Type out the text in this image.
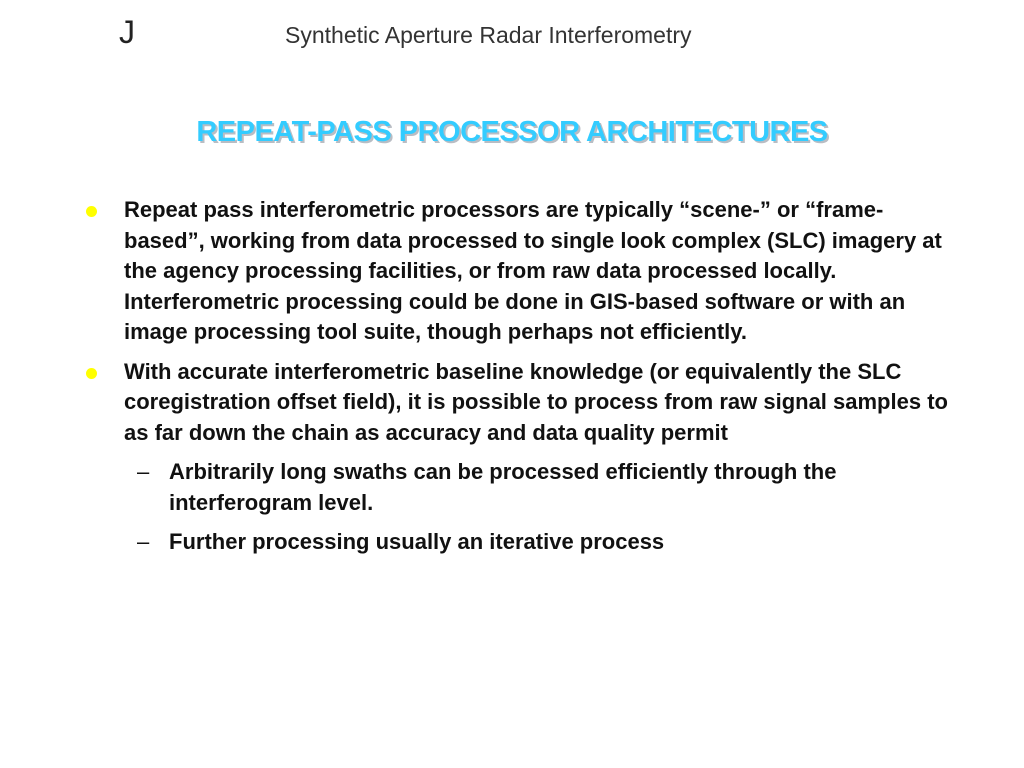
J	Synthetic Aperture Radar Interferometry
REPEAT-PASS PROCESSOR ARCHITECTURES
Repeat pass interferometric processors are typically “scene-” or “frame-based”, working from data processed to single look complex (SLC) imagery at the agency processing facilities, or from raw data processed locally. Interferometric processing could be done in GIS-based software or with an image processing tool suite, though perhaps not efficiently.
With accurate interferometric baseline knowledge (or equivalently the SLC coregistration offset field), it is possible to process from raw signal samples to as far down the chain as accuracy and data quality permit
– Arbitrarily long swaths can be processed efficiently through the interferogram level.
– Further processing usually an iterative process
